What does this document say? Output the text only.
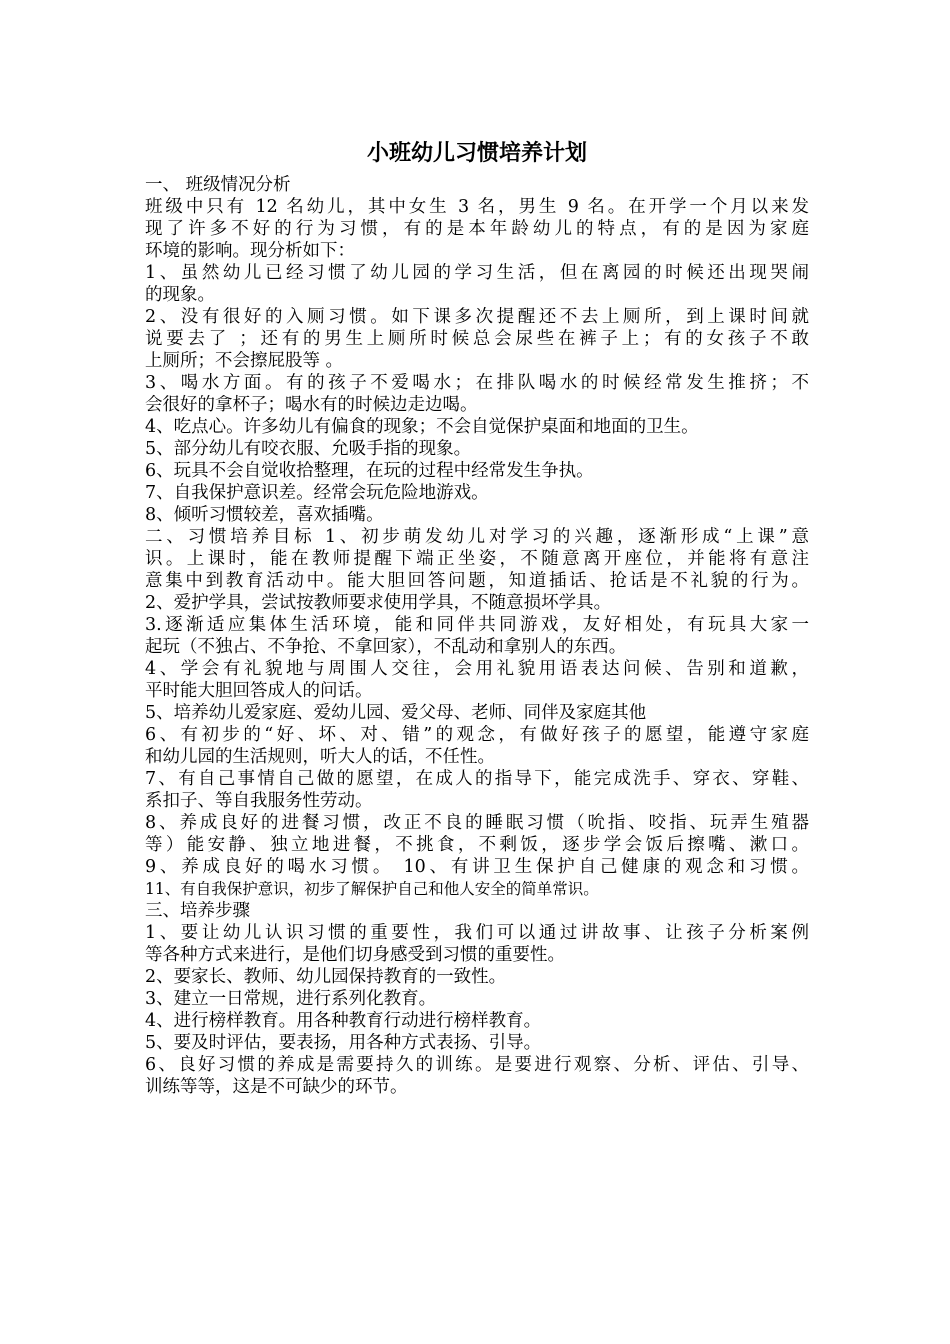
小班幼儿习惯培养计划

一、 班级情况分析

班级中只有 12 名幼儿，其中女生 3 名，男生 9 名。在开学一个月以来发

现了许多不好的行为习惯，有的是本年龄幼儿的特点，有的是因为家庭

环境的影响。现分析如下：

1、虽然幼儿已经习惯了幼儿园的学习生活，但在离园的时候还出现哭闹

的现象。

2、没有很好的入厕习惯。如下课多次提醒还不去上厕所，到上课时间就

说要去了 ；还有的男生上厕所时候总会尿些在裤子上；有的女孩子不敢

上厕所；不会擦屁股等 。

3、喝水方面。有的孩子不爱喝水；在排队喝水的时候经常发生推挤；不

会很好的拿杯子；喝水有的时候边走边喝。

4、吃点心。许多幼儿有偏食的现象；不会自觉保护桌面和地面的卫生。

5、部分幼儿有咬衣服、允吸手指的现象。

6、玩具不会自觉收拾整理，在玩的过程中经常发生争执。

7、自我保护意识差。经常会玩危险地游戏。

8、倾听习惯较差，喜欢插嘴。

二、习惯培养目标 1、初步萌发幼儿对学习的兴趣，逐渐形成“上课”意

识。上课时，能在教师提醒下端正坐姿，不随意离开座位，并能将有意注

意集中到教育活动中。能大胆回答问题，知道插话、抢话是不礼貌的行为。

2、爱护学具，尝试按教师要求使用学具，不随意损坏学具。

3.逐渐适应集体生活环境，能和同伴共同游戏，友好相处，有玩具大家一

起玩（不独占、不争抢、不拿回家），不乱动和拿别人的东西。

4、学会有礼貌地与周围人交往，会用礼貌用语表达问候、告别和道歉，

平时能大胆回答成人的问话。

5、培养幼儿爱家庭、爱幼儿园、爱父母、老师、同伴及家庭其他

6、有初步的“好、坏、对、错”的观念，有做好孩子的愿望，能遵守家庭

和幼儿园的生活规则，听大人的话，不任性。

7、有自己事情自己做的愿望，在成人的指导下，能完成洗手、穿衣、穿鞋、

系扣子、等自我服务性劳动。

8、养成良好的进餐习惯，改正不良的睡眠习惯（吮指、咬指、玩弄生殖器

等）能安静、独立地进餐，不挑食，不剩饭，逐步学会饭后擦嘴、漱口。

9、养成良好的喝水习惯。 10、有讲卫生保护自己健康的观念和习惯。

11、有自我保护意识，初步了解保护自己和他人安全的简单常识。

三、培养步骤

1、要让幼儿认识习惯的重要性，我们可以通过讲故事、让孩子分析案例

等各种方式来进行，是他们切身感受到习惯的重要性。

2、要家长、教师、幼儿园保持教育的一致性。

3、建立一日常规，进行系列化教育。

4、进行榜样教育。用各种教育行动进行榜样教育。

5、要及时评估，要表扬，用各种方式表扬、引导。

6、良好习惯的养成是需要持久的训练。是要进行观察、分析、评估、引导、

训练等等，这是不可缺少的环节。
